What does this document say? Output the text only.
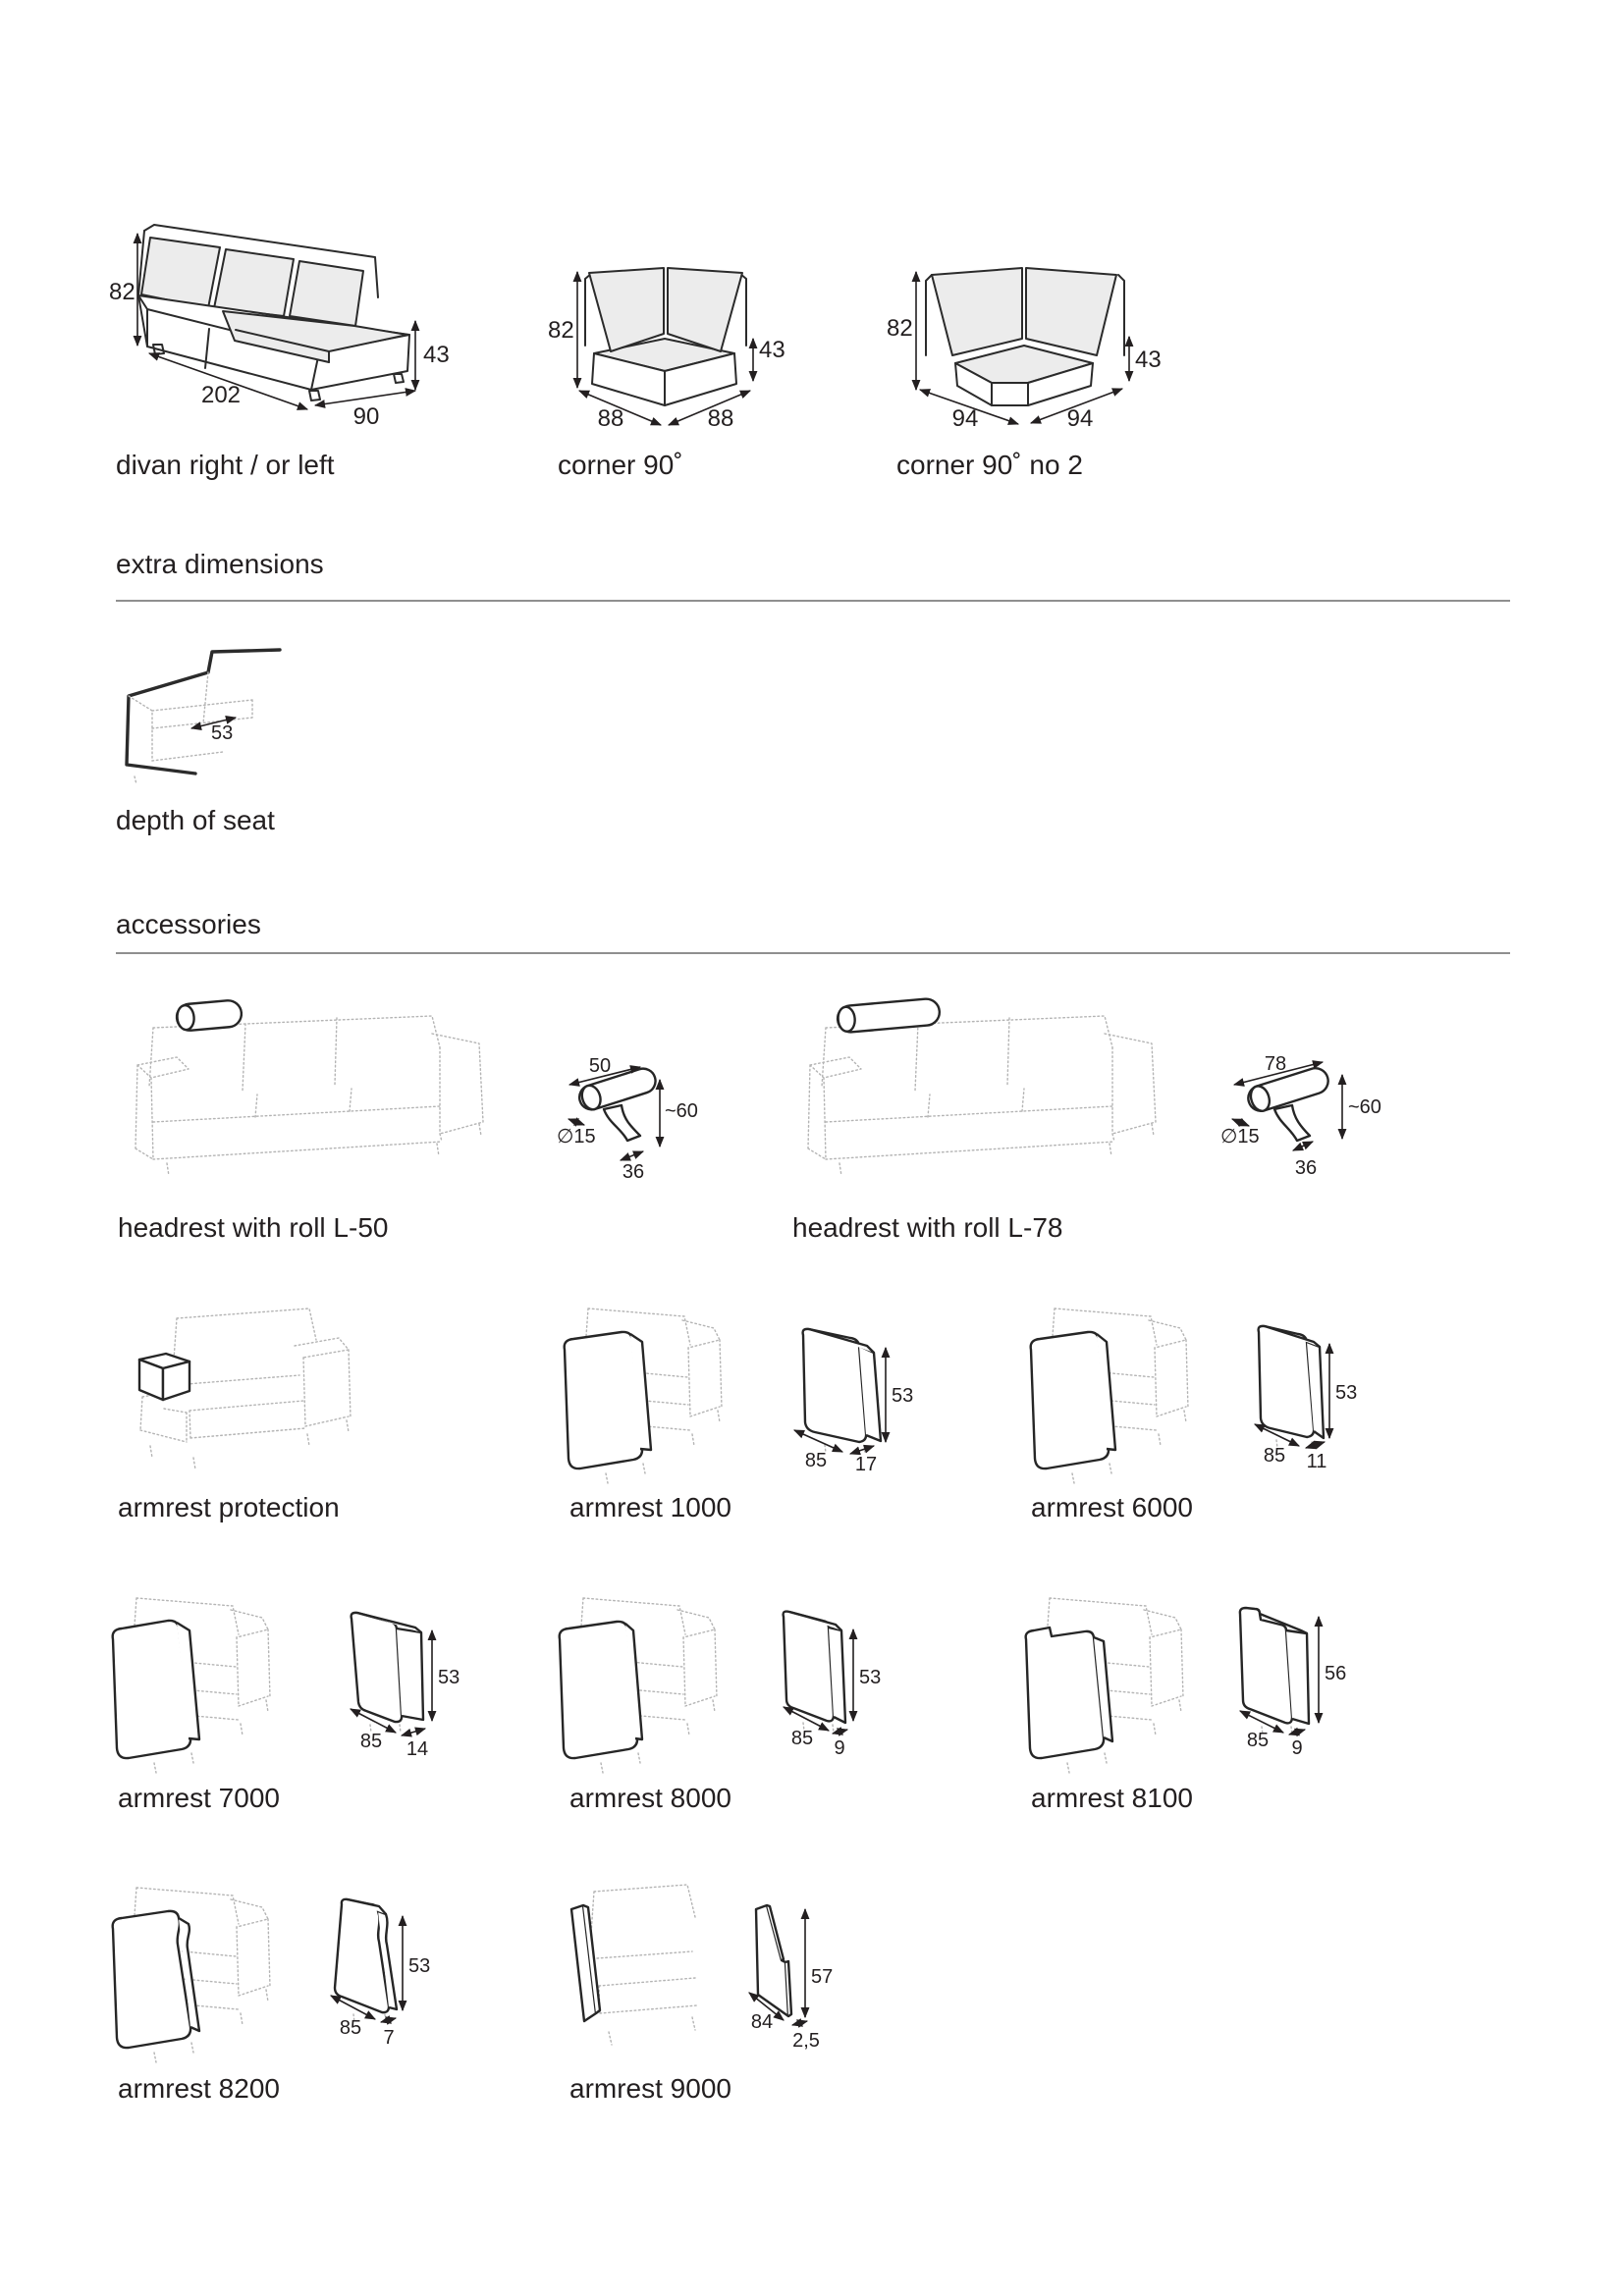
82
202
90
43
divan right / or left
82
43
88	88
corner 90˚
82
43
94	94
corner 90˚ no 2
extra dimensions
53
depth of seat
accessories
50
∅15
~60
36
headrest with roll L-50
78
∅15
~60
36
headrest with roll L-78
armrest protection
53
85 17
armrest 1000
53
85 11
armrest 6000
53
85 14
armrest 7000
53
85 9
armrest 8000
56
85 9
armrest 8100
53
85 7
armrest 8200
57
84
2,5
armrest 9000
